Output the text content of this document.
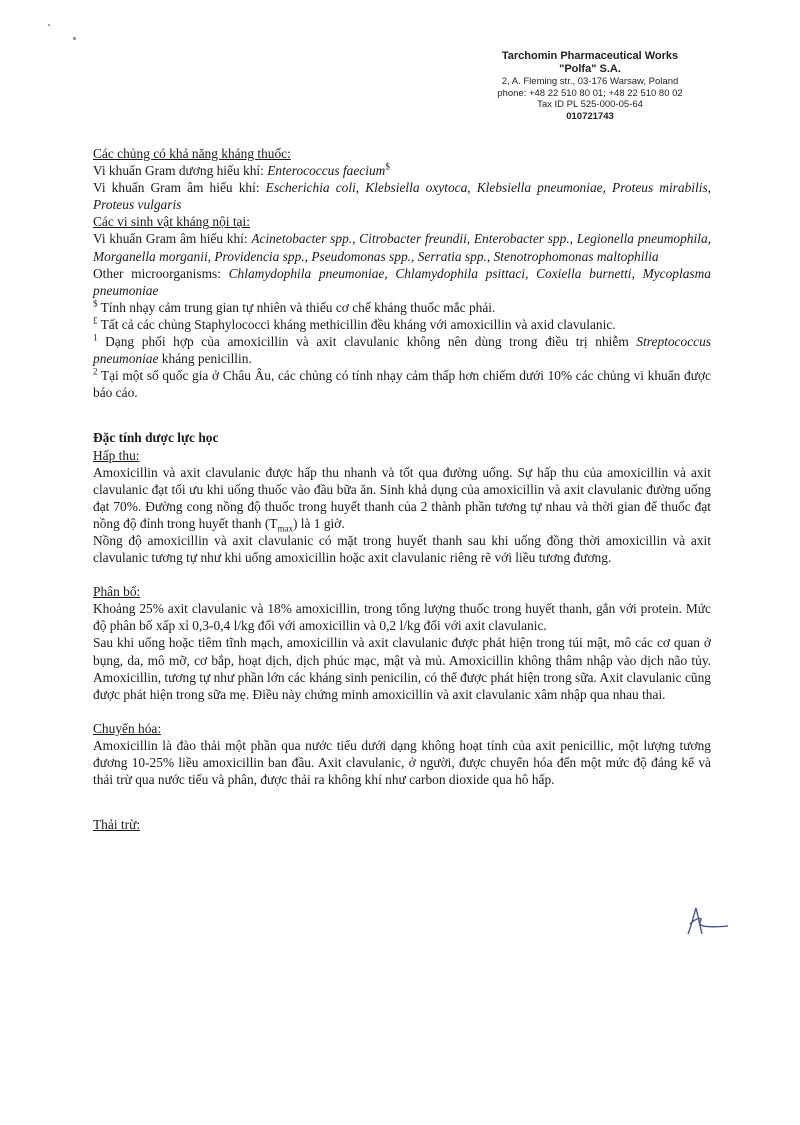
Tarchomin Pharmaceutical Works
"Polfa" S.A.
2, A. Fleming str., 03-176 Warsaw, Poland
phone: +48 22 510 80 01; +48 22 510 80 02
Tax ID PL 525-000-05-64
010721743

Các chủng có khả năng kháng thuốc:

Vi khuẩn Gram dương hiếu khí: Enterococcus faecium$

Vi khuẩn Gram âm hiếu khí: Escherichia coli, Klebsiella oxytoca, Klebsiella pneumoniae, Proteus mirabilis, Proteus vulgaris

Các vi sinh vật kháng nội tại:

Vi khuẩn Gram âm hiếu khí: Acinetobacter spp., Citrobacter freundii, Enterobacter spp., Legionella pneumophila, Morganella morganii, Providencia spp., Pseudomonas spp., Serratia spp., Stenotrophomonas maltophilia

Other microorganisms: Chlamydophila pneumoniae, Chlamydophila psittaci, Coxiella burnetti, Mycoplasma pneumoniae

$ Tính nhạy cảm trung gian tự nhiên và thiếu cơ chế kháng thuốc mắc phải.

£ Tất cả các chủng Staphylococci kháng methicillin đều kháng với amoxicillin và axid clavulanic.

$^1$ Dạng phối hợp của amoxicillin và axit clavulanic không nên dùng trong điều trị nhiễm Streptococcus pneumoniae kháng penicillin.

$^2$ Tại một số quốc gia ở Châu Âu, các chủng có tính nhạy cảm thấp hơn chiếm dưới 10% các chủng vi khuẩn được báo cáo.

Đặc tính dược lực học

Hấp thu:

Amoxicillin và axit clavulanic được hấp thu nhanh và tốt qua đường uống. Sự hấp thu của amoxicillin và axit clavulanic đạt tối ưu khi uống thuốc vào đầu bữa ăn. Sinh khả dụng của amoxicillin và axit clavulanic đường uống đạt 70%. Đường cong nồng độ thuốc trong huyết thanh của 2 thành phần tương tự nhau và thời gian để thuốc đạt nồng độ đỉnh trong huyết thanh $(T_{max})$ là 1 giờ.

Nồng độ amoxicillin và axit clavulanic có mặt trong huyết thanh sau khi uống đồng thời amoxicillin và axit clavulanic tương tự như khi uống amoxicillin hoặc axit clavulanic riêng rẽ với liều tương đương.

Phân bố:

Khoảng 25% axit clavulanic và 18% amoxicillin, trong tổng lượng thuốc trong huyết thanh, gắn với protein. Mức độ phân bố xấp xỉ 0,3-0,4 l/kg đối với amoxicillin và 0,2 l/kg đối với axit clavulanic.

Sau khi uống hoặc tiêm tĩnh mạch, amoxicillin và axit clavulanic được phát hiện trong túi mật, mô các cơ quan ở bụng, da, mô mỡ, cơ bắp, hoạt dịch, dịch phúc mạc, mật và mủ. Amoxicillin không thâm nhập vào dịch não tủy. Amoxicillin, tương tự như phần lớn các kháng sinh penicilin, có thể được phát hiện trong sữa. Axit clavulanic cũng được phát hiện trong sữa mẹ. Điều này chứng minh amoxicillin và axit clavulanic xâm nhập qua nhau thai.

Chuyển hóa:

Amoxicillin là đào thải một phần qua nước tiểu dưới dạng không hoạt tính của axit penicillic, một lượng tương đương 10-25% liều amoxicillin ban đầu. Axit clavulanic, ở người, được chuyển hóa đến một mức độ đáng kể và thải trừ qua nước tiểu và phân, được thải ra không khí như carbon dioxide qua hô hấp.

Thải trừ:
